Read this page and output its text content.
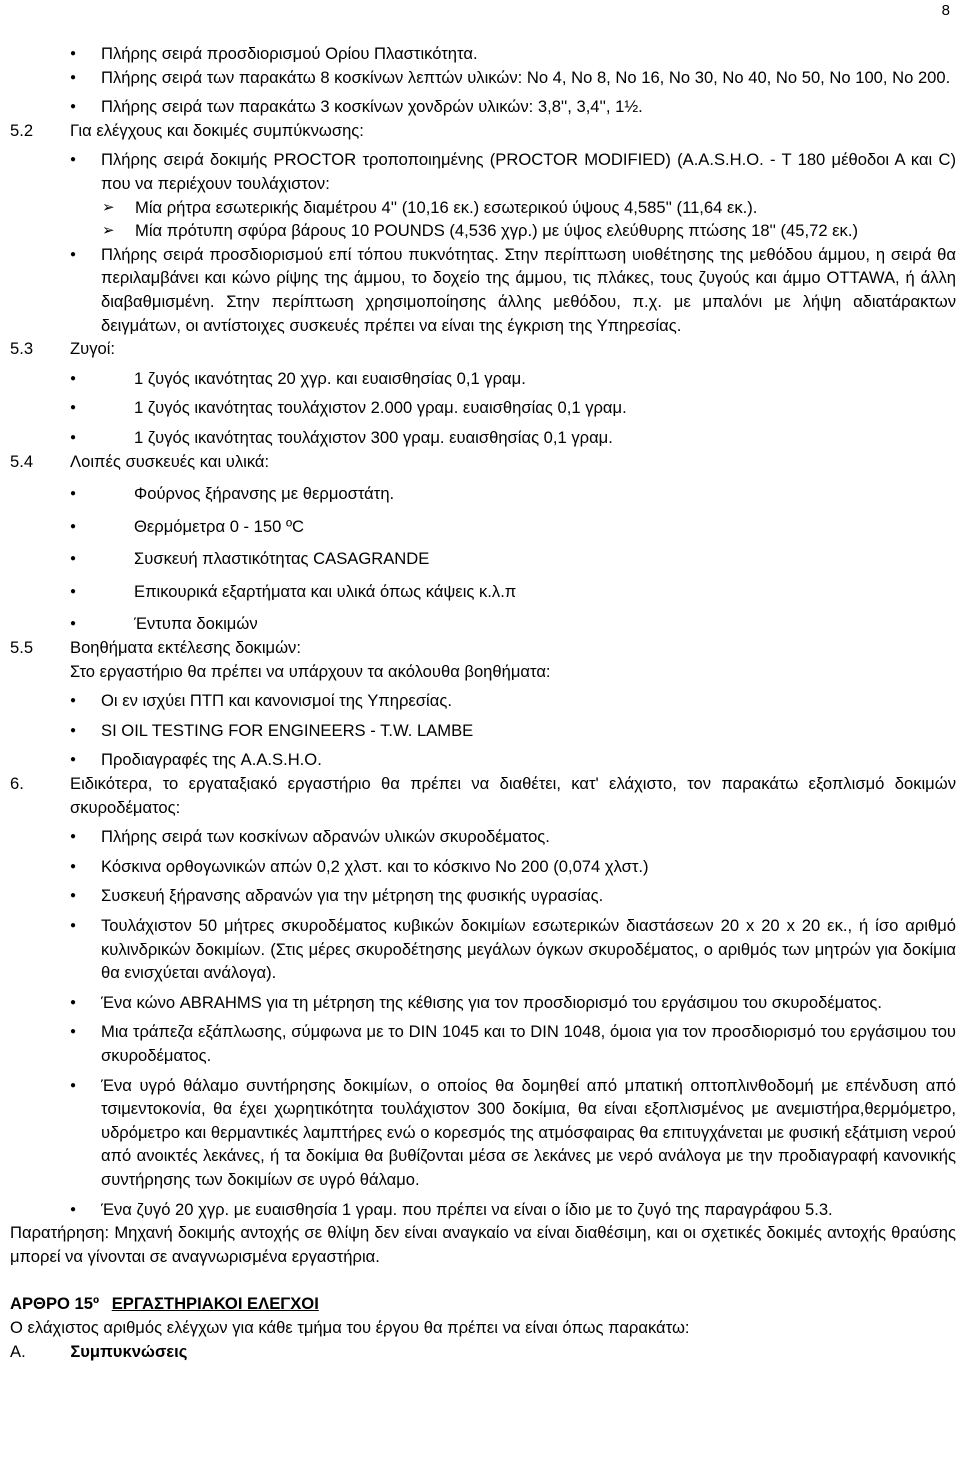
8
● Πλήρης σειρά προσδιορισμού Ορίου Πλαστικότητα.
● Πλήρης σειρά των παρακάτω 8 κοσκίνων λεπτών υλικών: Νο 4, Νο 8, Νο 16, Νο 30, Νο 40, Νο 50, Νο 100, Νο 200.
● Πλήρης σειρά των παρακάτω 3 κοσκίνων χονδρών υλικών: 3,8'', 3,4'', 1½.
5.2 Για ελέγχους και δοκιμές συμπύκνωσης:
● Πλήρης σειρά δοκιμής PROCTOR τροποποιημένης (PROCTOR MODIFIED) (A.A.S.H.O. - T 180 μέθοδοι Α και C) που να περιέχουν τουλάχιστον:
➢ Μία ρήτρα εσωτερικής διαμέτρου 4'' (10,16 εκ.) εσωτερικού ύψους 4,585'' (11,64 εκ.).
➢ Μία πρότυπη σφύρα βάρους 10 POUNDS (4,536 χγρ.) με ύψος ελεύθυρης πτώσης 18'' (45,72 εκ.)
● Πλήρης σειρά προσδιορισμού επί τόπου πυκνότητας. Στην περίπτωση υιοθέτησης της μεθόδου άμμου, η σειρά θα περιλαμβάνει και κώνο ρίψης της άμμου, το δοχείο της άμμου, τις πλάκες, τους ζυγούς και άμμο OTTAWA, ή άλλη διαβαθμισμένη. Στην περίπτωση χρησιμοποίησης άλλης μεθόδου, π.χ. με μπαλόνι με λήψη αδιατάρακτων δειγμάτων, οι αντίστοιχες συσκευές πρέπει να είναι της έγκριση της Υπηρεσίας.
5.3 Ζυγοί:
● 1 ζυγός ικανότητας 20 χγρ. και ευαισθησίας 0,1 γραμ.
● 1 ζυγός ικανότητας τουλάχιστον 2.000 γραμ. ευαισθησίας 0,1 γραμ.
● 1 ζυγός ικανότητας τουλάχιστον 300 γραμ. ευαισθησίας 0,1 γραμ.
5.4 Λοιπές συσκευές και υλικά:
● Φούρνος ξήρανσης με θερμοστάτη.
● Θερμόμετρα 0 - 150 ºC
● Συσκευή πλαστικότητας CASAGRANDE
● Επικουρικά εξαρτήματα και υλικά όπως κάψεις κ.λ.π
● Έντυπα δοκιμών
5.5 Βοηθήματα εκτέλεσης δοκιμών:
Στο εργαστήριο θα πρέπει να υπάρχουν τα ακόλουθα βοηθήματα:
● Οι εν ισχύει ΠΤΠ και κανονισμοί της Υπηρεσίας.
● SI OIL TESTING FOR ENGINEERS - T.W. LAMBE
● Προδιαγραφές της A.A.S.H.O.
6.	Ειδικότερα, το εργαταξιακό εργαστήριο θα πρέπει να διαθέτει, κατ' ελάχιστο, τον παρακάτω εξοπλισμό δοκιμών σκυροδέματος:
● Πλήρης σειρά των κοσκίνων αδρανών υλικών σκυροδέματος.
● Κόσκινα ορθογωνικών απών 0,2 χλστ. και το κόσκινο Νο 200 (0,074 χλστ.)
● Συσκευή ξήρανσης αδρανών για την μέτρηση της φυσικής υγρασίας.
● Τουλάχιστον 50 μήτρες σκυροδέματος κυβικών δοκιμίων εσωτερικών διαστάσεων 20 x 20 x 20 εκ., ή ίσο αριθμό κυλινδρικών δοκιμίων. (Στις μέρες σκυροδέτησης μεγάλων όγκων σκυροδέματος, ο αριθμός των μητρών για δοκίμια θα ενισχύεται ανάλογα).
● Ένα κώνο ABRAHMS για τη μέτρηση της κέθισης για τον προσδιορισμό του εργάσιμου του σκυροδέματος.
● Μια τράπεζα εξάπλωσης, σύμφωνα με το DIN 1045 και το DIN 1048, όμοια για τον προσδιορισμό του εργάσιμου του σκυροδέματος.
● Ένα υγρό θάλαμο συντήρησης δοκιμίων, ο οποίος θα δομηθεί από μπατική οπτοπλινθοδομή με επένδυση από τσιμεντοκονία, θα έχει χωρητικότητα τουλάχιστον 300 δοκίμια, θα είναι εξοπλισμένος με ανεμιστήρα,θερμόμετρο, υδρόμετρο και θερμαντικές λαμπτήρες ενώ ο κορεσμός της ατμόσφαιρας θα επιτυγχάνεται με φυσική εξάτμιση νερού από ανοικτές λεκάνες, ή τα δοκίμια θα βυθίζονται μέσα σε λεκάνες με νερό ανάλογα με την προδιαγραφή κανονικής συντήρησης των δοκιμίων σε υγρό θάλαμο.
● Ένα ζυγό 20 χγρ. με ευαισθησία 1 γραμ. που πρέπει να είναι ο ίδιο με το ζυγό της παραγράφου 5.3.
Παρατήρηση: Μηχανή δοκιμής αντοχής σε θλίψη δεν είναι αναγκαίο να είναι διαθέσιμη, και οι σχετικές δοκιμές αντοχής θραύσης μπορεί να γίνονται σε αναγνωρισμένα εργαστήρια.
ΑΡΘΡΟ 15º ΕΡΓΑΣΤΗΡΙΑΚΟΙ ΕΛΕΓΧΟΙ
Ο ελάχιστος αριθμός ελέγχων για κάθε τμήμα του έργου θα πρέπει να είναι όπως παρακάτω:
Α.	Συμπυκνώσεις
